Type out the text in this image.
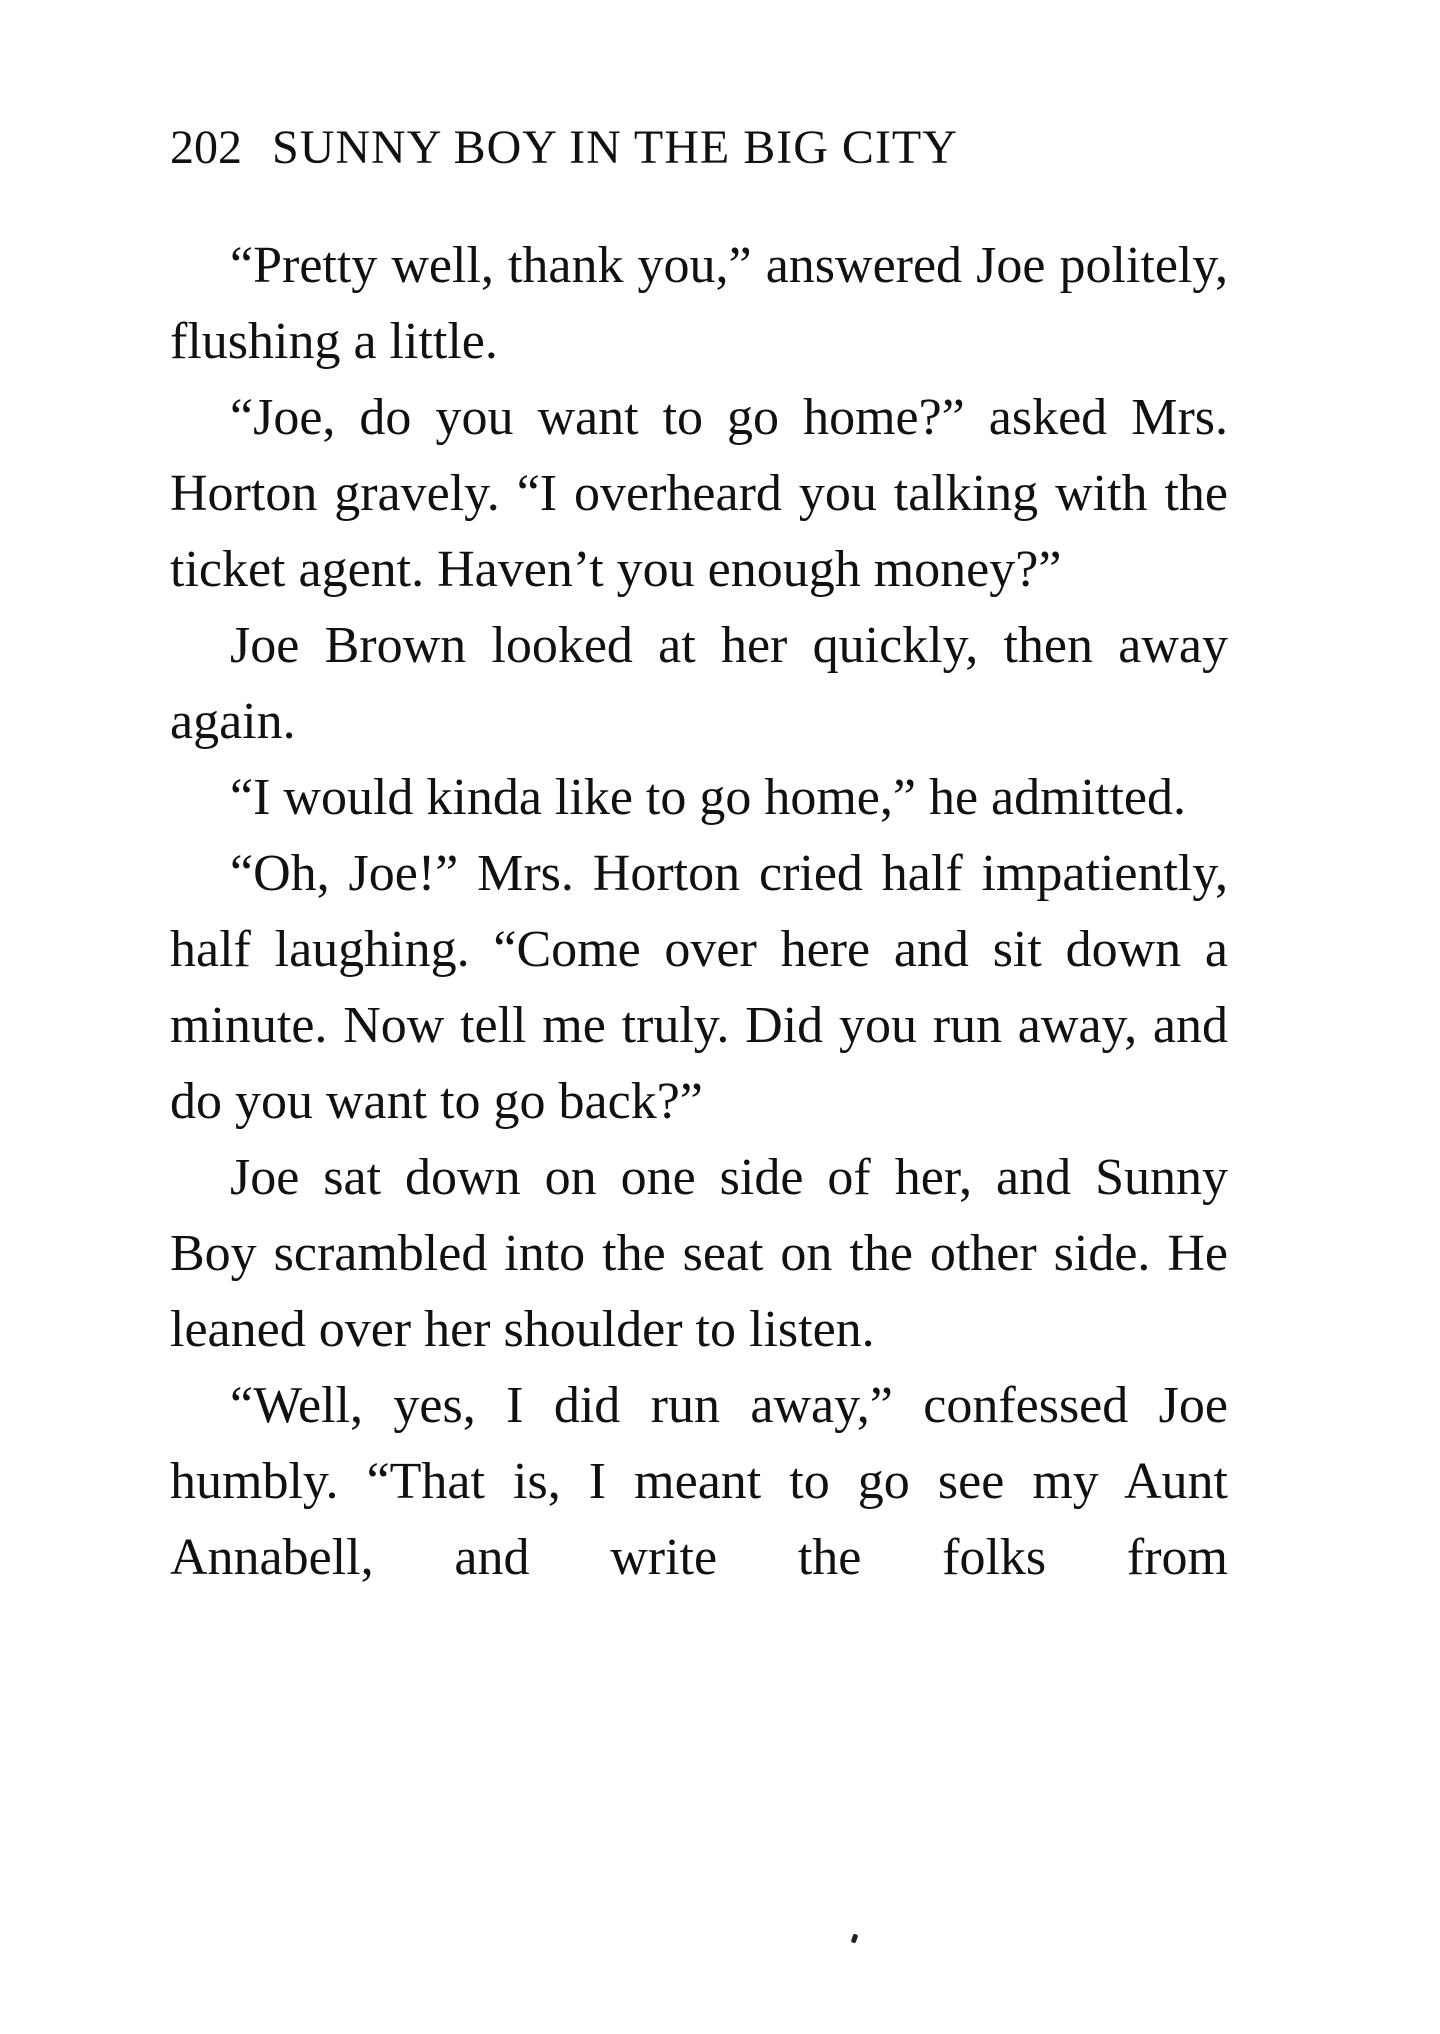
202 SUNNY BOY IN THE BIG CITY

“Pretty well, thank you,” answered Joe politely, flushing a little.

“Joe, do you want to go home?” asked Mrs. Horton gravely. “I overheard you talking with the ticket agent. Haven’t you enough money?”

Joe Brown looked at her quickly, then away again.

“I would kinda like to go home,” he admitted.

“Oh, Joe!” Mrs. Horton cried half impatiently, half laughing. “Come over here and sit down a minute. Now tell me truly. Did you run away, and do you want to go back?”

Joe sat down on one side of her, and Sunny Boy scrambled into the seat on the other side. He leaned over her shoulder to listen.

“Well, yes, I did run away,” confessed Joe humbly. “That is, I meant to go see my Aunt Annabell, and write the folks from
